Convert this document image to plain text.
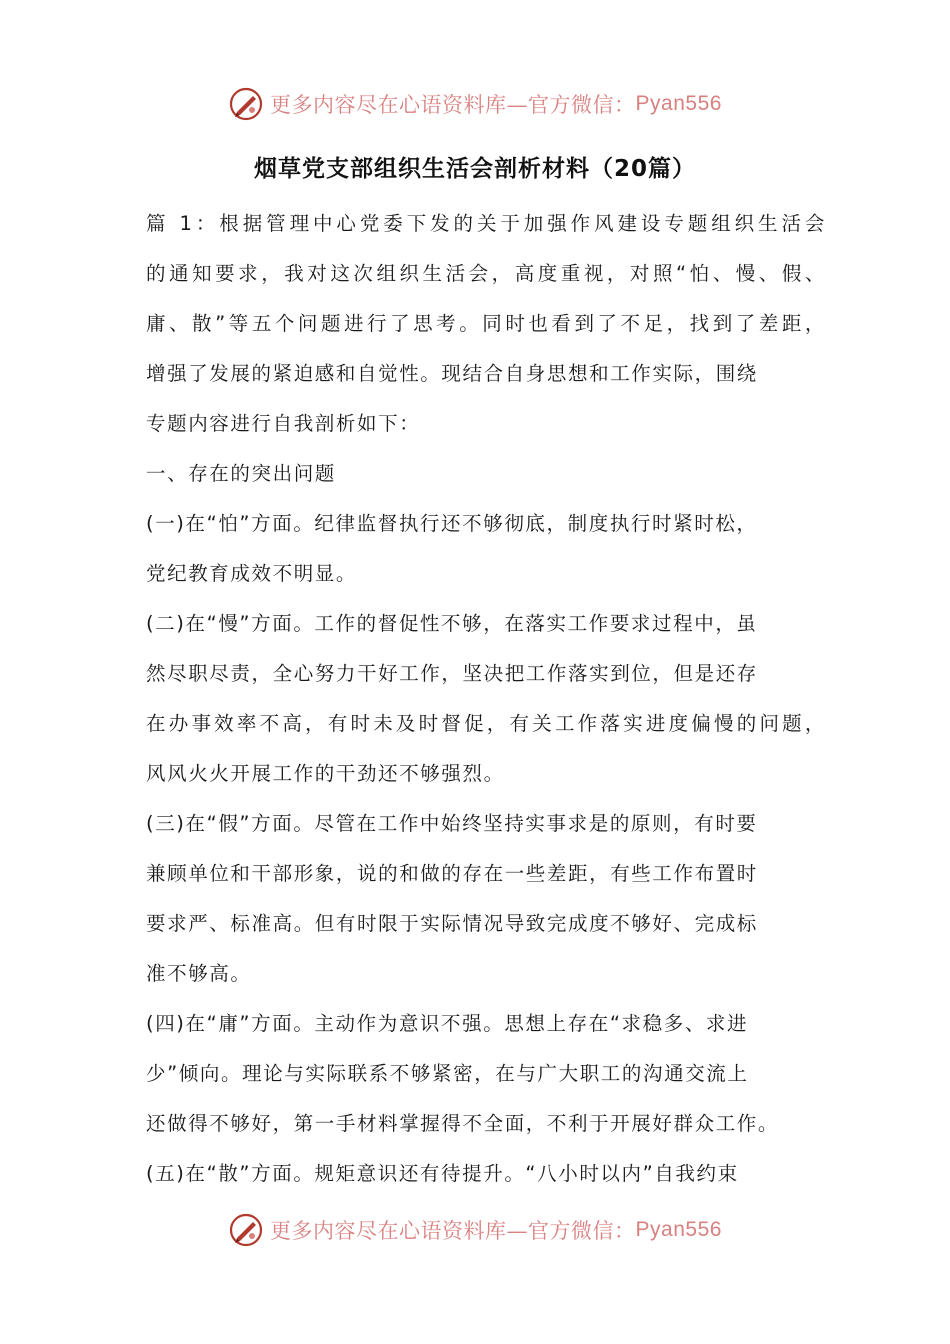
更多内容尽在心语资料库—官方微信： Pyan556
烟草党支部组织生活会剖析材料（20篇）
篇 1：根据管理中心党委下发的关于加强作风建设专题组织生活会
的通知要求，我对这次组织生活会，高度重视，对照“怕、慢、假、
庸、散”等五个问题进行了思考。同时也看到了不足，找到了差距，
增强了发展的紧迫感和自觉性。现结合自身思想和工作实际，围绕
专题内容进行自我剖析如下：
一、存在的突出问题
(一)在“怕”方面。纪律监督执行还不够彻底，制度执行时紧时松，
党纪教育成效不明显。
(二)在“慢”方面。工作的督促性不够，在落实工作要求过程中，虽
然尽职尽责，全心努力干好工作，坚决把工作落实到位，但是还存
在办事效率不高，有时未及时督促，有关工作落实进度偏慢的问题，
风风火火开展工作的干劲还不够强烈。
(三)在“假”方面。尽管在工作中始终坚持实事求是的原则，有时要
兼顾单位和干部形象，说的和做的存在一些差距，有些工作布置时
要求严、标准高。但有时限于实际情况导致完成度不够好、完成标
准不够高。
(四)在“庸”方面。主动作为意识不强。思想上存在“求稳多、求进
少”倾向。理论与实际联系不够紧密，在与广大职工的沟通交流上
还做得不够好，第一手材料掌握得不全面，不利于开展好群众工作。
(五)在“散”方面。规矩意识还有待提升。“八小时以内”自我约束
更多内容尽在心语资料库—官方微信： Pyan556
